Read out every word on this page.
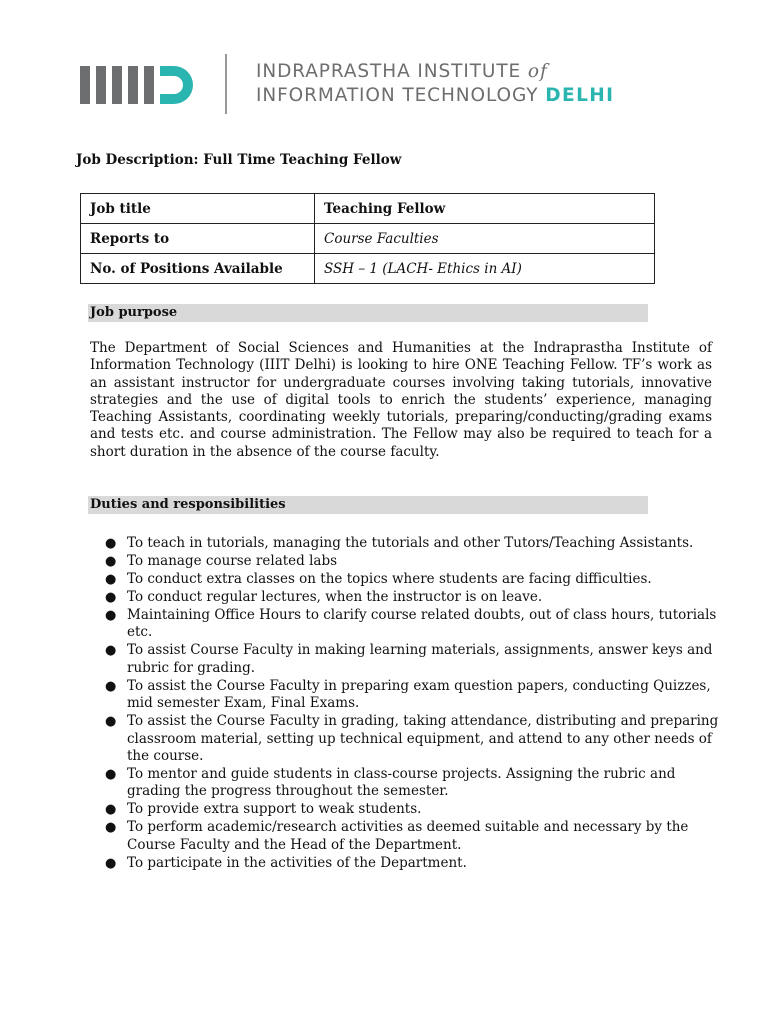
INDRAPRASTHA INSTITUTE of
INFORMATION TECHNOLOGY DELHI
Job Description: Full Time Teaching Fellow
Job title	Teaching Fellow
Reports to	Course Faculties
No. of Positions Available	SSH – 1 (LACH- Ethics in AI)
Job purpose

The Department of Social Sciences and Humanities at the Indraprastha Institute of Information Technology (IIIT Delhi) is looking to hire ONE Teaching Fellow. TF’s work as an assistant instructor for undergraduate courses involving taking tutorials, innovative strategies and the use of digital tools to enrich the students’ experience, managing Teaching Assistants, coordinating weekly tutorials, preparing/conducting/grading exams and tests etc. and course administration. The Fellow may also be required to teach for a short duration in the absence of the course faculty.

Duties and responsibilities
● To teach in tutorials, managing the tutorials and other Tutors/Teaching Assistants.
● To manage course related labs
● To conduct extra classes on the topics where students are facing difficulties.
● To conduct regular lectures, when the instructor is on leave.
● Maintaining Office Hours to clarify course related doubts, out of class hours, tutorials etc.
● To assist Course Faculty in making learning materials, assignments, answer keys and rubric for grading.
● To assist the Course Faculty in preparing exam question papers, conducting Quizzes, mid semester Exam, Final Exams.
● To assist the Course Faculty in grading, taking attendance, distributing and preparing classroom material, setting up technical equipment, and attend to any other needs of the course.
● To mentor and guide students in class-course projects. Assigning the rubric and grading the progress throughout the semester.
● To provide extra support to weak students.
● To perform academic/research activities as deemed suitable and necessary by the Course Faculty and the Head of the Department.
● To participate in the activities of the Department.
